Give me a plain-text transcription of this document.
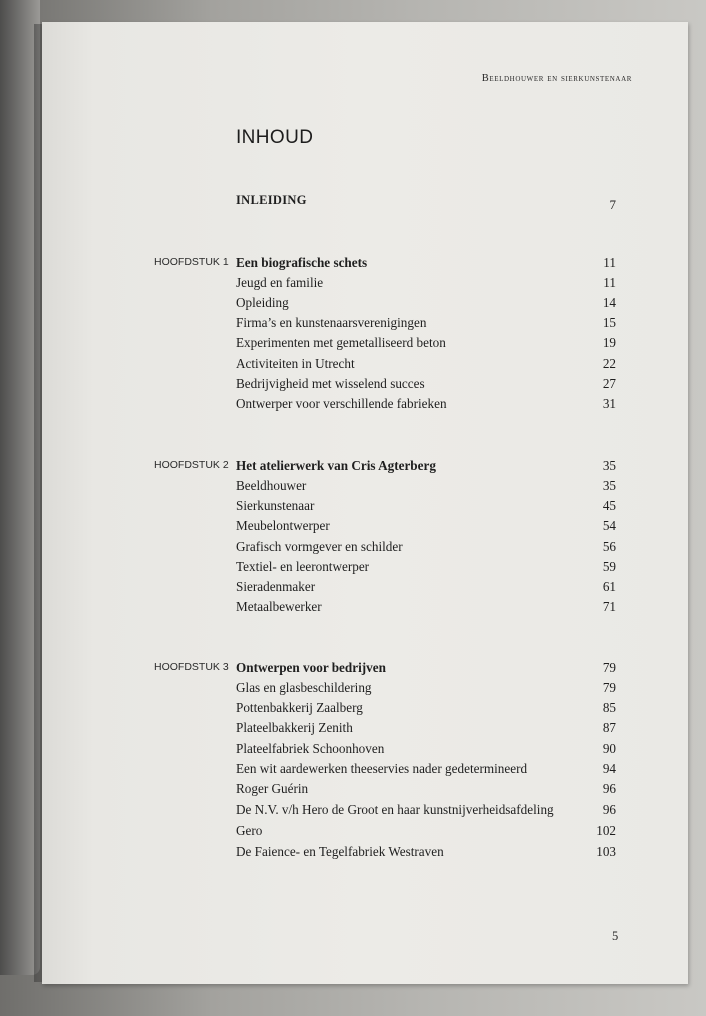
Beeldhouwer en sierkunstenaar
INHOUD
INLEIDING	7
HOOFDSTUK 1 Een biografische schets	11
Jeugd en familie	11
Opleiding	14
Firma’s en kunstenaarsverenigingen	15
Experimenten met gemetalliseerd beton	19
Activiteiten in Utrecht	22
Bedrijvigheid met wisselend succes	27
Ontwerper voor verschillende fabrieken	31
HOOFDSTUK 2 Het atelierwerk van Cris Agterberg	35
Beeldhouwer	35
Sierkunstenaar	45
Meubelontwerper	54
Grafisch vormgever en schilder	56
Textiel- en leerontwerper	59
Sieradenmaker	61
Metaalbewerker	71
HOOFDSTUK 3 Ontwerpen voor bedrijven	79
Glas en glasbeschildering	79
Pottenbakkerij Zaalberg	85
Plateelbakkerij Zenith	87
Plateelfabriek Schoonhoven	90
Een wit aardewerken theeservies nader gedetermineerd	94
Roger Guérin	96
De N.V. v/h Hero de Groot en haar kunstnijverheidsafdeling	96
Gero	102
De Faience- en Tegelfabriek Westraven	103
5
